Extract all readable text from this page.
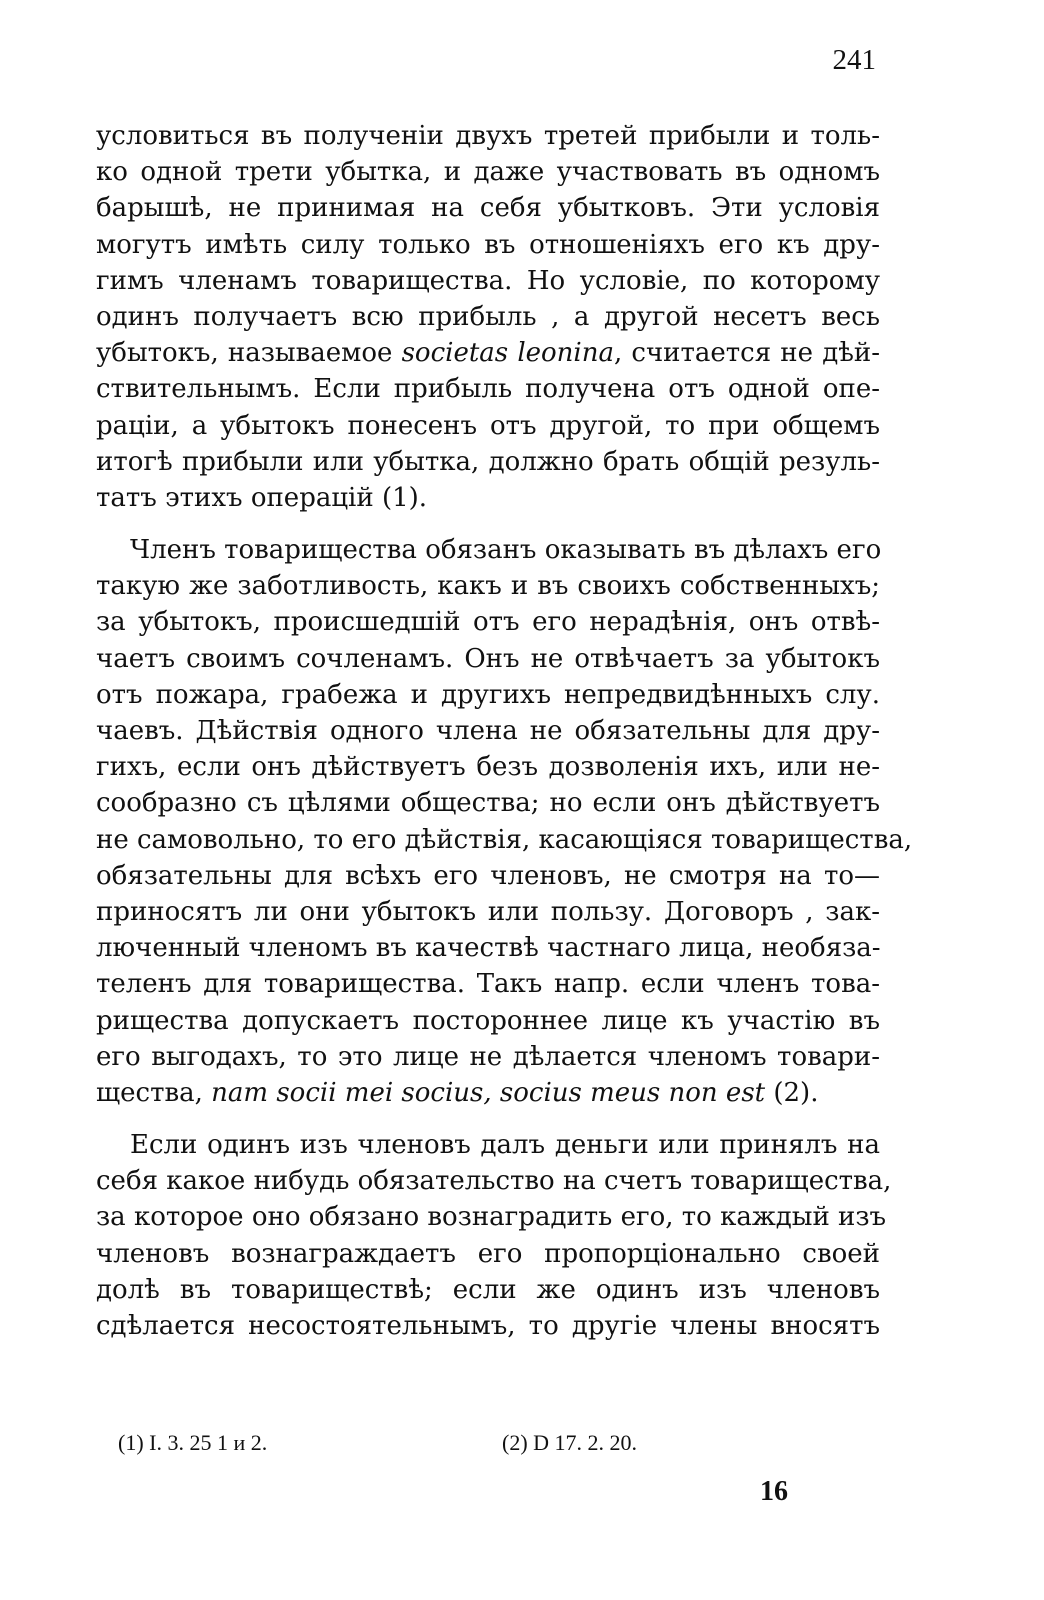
241
условиться въ полученіи двухъ третей прибыли и толь-
ко одной трети убытка, и даже участвовать въ одномъ
барышѣ, не принимая на себя убытковъ. Эти условія
могутъ имѣть силу только въ отношеніяхъ его къ дру-
гимъ членамъ товарищества. Но условіе, по которому
одинъ получаетъ всю прибыль , а другой несетъ весь
убытокъ, называемое societas leonina, считается не дѣй-
ствительнымъ. Если прибыль получена отъ одной опе-
раціи, а убытокъ понесенъ отъ другой, то при общемъ
итогѣ прибыли или убытка, должно брать общій резуль-
татъ этихъ операцій (1).
Членъ товарищества обязанъ оказывать въ дѣлахъ его
такую же заботливость, какъ и въ своихъ собственныхъ;
за убытокъ, происшедшій отъ его нерадѣнія, онъ отвѣ-
чаетъ своимъ сочленамъ. Онъ не отвѣчаетъ за убытокъ
отъ пожара, грабежа и другихъ непредвидѣнныхъ слу.
чаевъ. Дѣйствія одного члена не обязательны для дру-
гихъ, если онъ дѣйствуетъ безъ дозволенія ихъ, или не-
сообразно съ цѣлями общества; но если онъ дѣйствуетъ
не самовольно, то его дѣйствія, касающіяся товарищества,
обязательны для всѣхъ его членовъ, не смотря на то—
приносятъ ли они убытокъ или пользу. Договоръ , зак-
люченный членомъ въ качествѣ частнаго лица, необяза-
теленъ для товарищества. Такъ напр. если членъ това-
рищества допускаетъ постороннее лице къ участію въ
его выгодахъ, то это лице не дѣлается членомъ товари-
щества, nam socii mei socius, socius meus non est (2).
Если одинъ изъ членовъ далъ деньги или принялъ на
себя какое нибудь обязательство на счетъ товарищества,
за которое оно обязано вознаградить его, то каждый изъ
членовъ вознаграждаетъ его пропорціонально своей
долѣ въ товариществѣ; если же одинъ изъ членовъ
сдѣлается несостоятельнымъ, то другіе члены вносятъ
(1) I. 3. 25 1 и 2.	(2) D 17. 2. 20.
16
